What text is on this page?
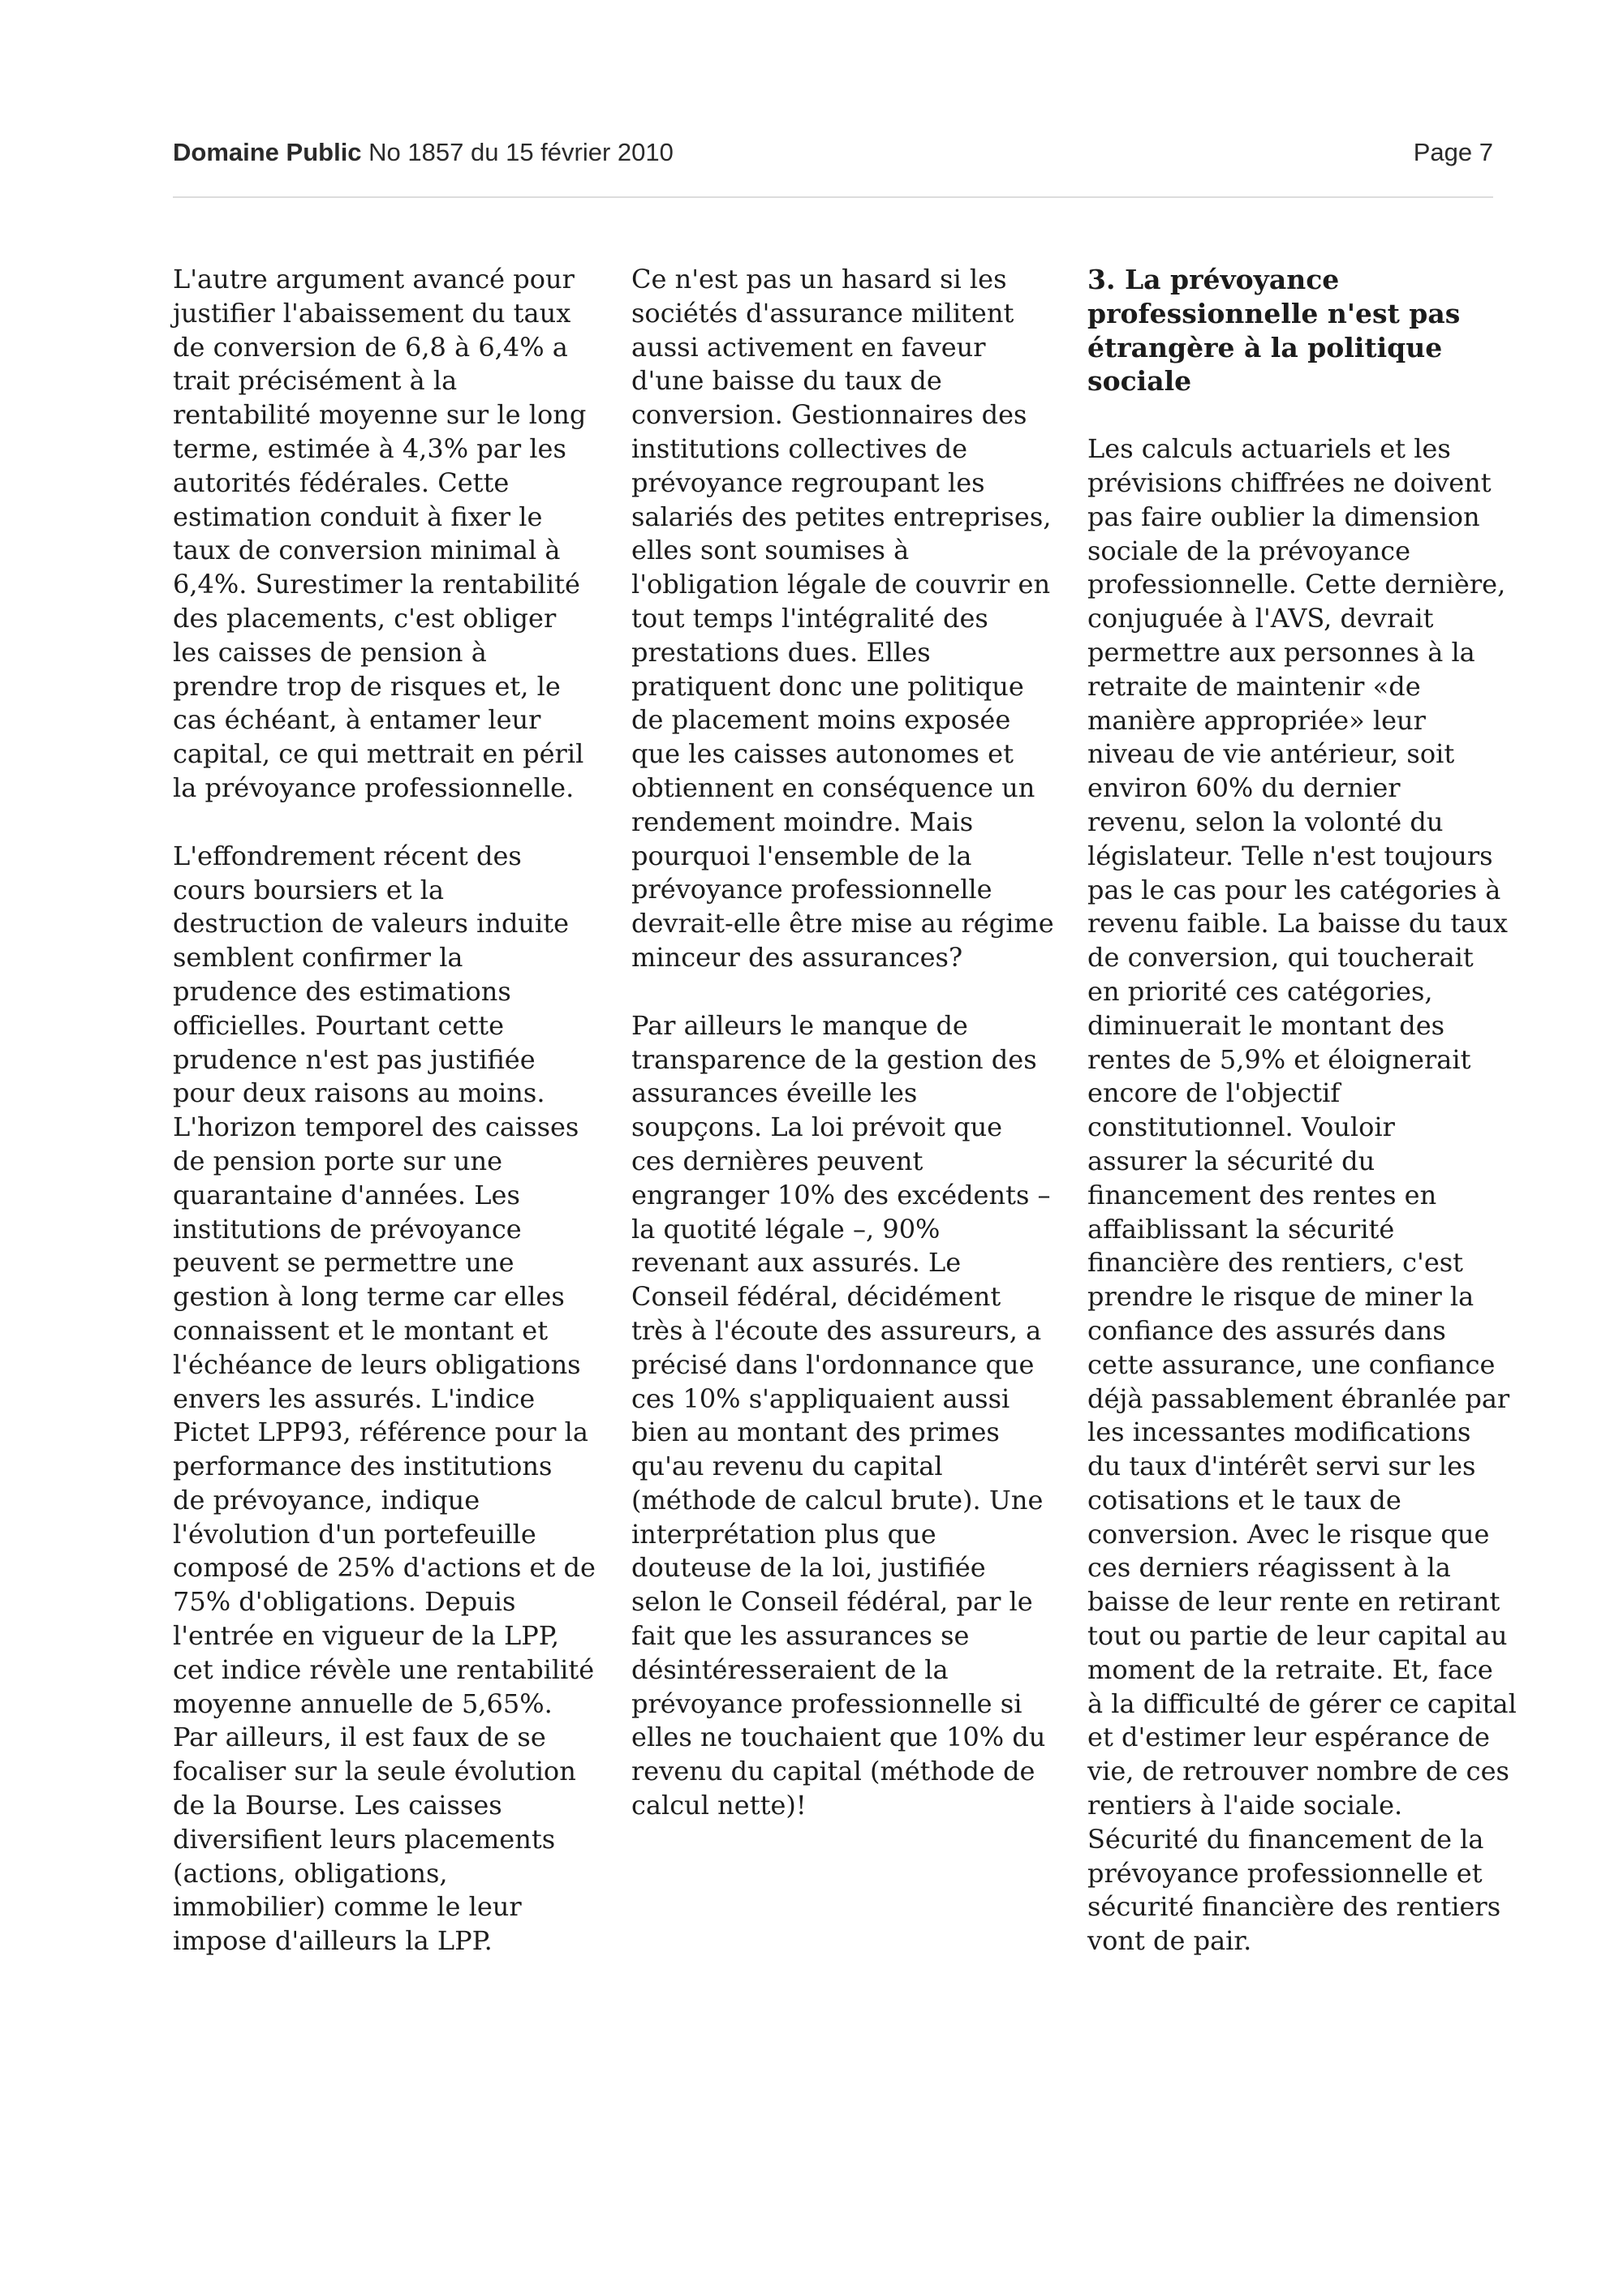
Domaine Public No 1857 du 15 février 2010	Page 7

L'autre argument avancé pour
justifier l'abaissement du taux
de conversion de 6,8 à 6,4% a
trait précisément à la
rentabilité moyenne sur le long
terme, estimée à 4,3% par les
autorités fédérales. Cette
estimation conduit à fixer le
taux de conversion minimal à
6,4%. Surestimer la rentabilité
des placements, c'est obliger
les caisses de pension à
prendre trop de risques et, le
cas échéant, à entamer leur
capital, ce qui mettrait en péril
la prévoyance professionnelle.

L'effondrement récent des
cours boursiers et la
destruction de valeurs induite
semblent confirmer la
prudence des estimations
officielles. Pourtant cette
prudence n'est pas justifiée
pour deux raisons au moins.
L'horizon temporel des caisses
de pension porte sur une
quarantaine d'années. Les
institutions de prévoyance
peuvent se permettre une
gestion à long terme car elles
connaissent et le montant et
l'échéance de leurs obligations
envers les assurés. L'indice
Pictet LPP93, référence pour la
performance des institutions
de prévoyance, indique
l'évolution d'un portefeuille
composé de 25% d'actions et de
75% d'obligations. Depuis
l'entrée en vigueur de la LPP,
cet indice révèle une rentabilité
moyenne annuelle de 5,65%.
Par ailleurs, il est faux de se
focaliser sur la seule évolution
de la Bourse. Les caisses
diversifient leurs placements
(actions, obligations,
immobilier) comme le leur
impose d'ailleurs la LPP.

Ce n'est pas un hasard si les
sociétés d'assurance militent
aussi activement en faveur
d'une baisse du taux de
conversion. Gestionnaires des
institutions collectives de
prévoyance regroupant les
salariés des petites entreprises,
elles sont soumises à
l'obligation légale de couvrir en
tout temps l'intégralité des
prestations dues. Elles
pratiquent donc une politique
de placement moins exposée
que les caisses autonomes et
obtiennent en conséquence un
rendement moindre. Mais
pourquoi l'ensemble de la
prévoyance professionnelle
devrait-elle être mise au régime
minceur des assurances?

Par ailleurs le manque de
transparence de la gestion des
assurances éveille les
soupçons. La loi prévoit que
ces dernières peuvent
engranger 10% des excédents –
la quotité légale –, 90%
revenant aux assurés. Le
Conseil fédéral, décidément
très à l'écoute des assureurs, a
précisé dans l'ordonnance que
ces 10% s'appliquaient aussi
bien au montant des primes
qu'au revenu du capital
(méthode de calcul brute). Une
interprétation plus que
douteuse de la loi, justifiée
selon le Conseil fédéral, par le
fait que les assurances se
désintéresseraient de la
prévoyance professionnelle si
elles ne touchaient que 10% du
revenu du capital (méthode de
calcul nette)!

3. La prévoyance
professionnelle n'est pas
étrangère à la politique
sociale

Les calculs actuariels et les
prévisions chiffrées ne doivent
pas faire oublier la dimension
sociale de la prévoyance
professionnelle. Cette dernière,
conjuguée à l'AVS, devrait
permettre aux personnes à la
retraite de maintenir «de
manière appropriée» leur
niveau de vie antérieur, soit
environ 60% du dernier
revenu, selon la volonté du
législateur. Telle n'est toujours
pas le cas pour les catégories à
revenu faible. La baisse du taux
de conversion, qui toucherait
en priorité ces catégories,
diminuerait le montant des
rentes de 5,9% et éloignerait
encore de l'objectif
constitutionnel. Vouloir
assurer la sécurité du
financement des rentes en
affaiblissant la sécurité
financière des rentiers, c'est
prendre le risque de miner la
confiance des assurés dans
cette assurance, une confiance
déjà passablement ébranlée par
les incessantes modifications
du taux d'intérêt servi sur les
cotisations et le taux de
conversion. Avec le risque que
ces derniers réagissent à la
baisse de leur rente en retirant
tout ou partie de leur capital au
moment de la retraite. Et, face
à la difficulté de gérer ce capital
et d'estimer leur espérance de
vie, de retrouver nombre de ces
rentiers à l'aide sociale.
Sécurité du financement de la
prévoyance professionnelle et
sécurité financière des rentiers
vont de pair.
